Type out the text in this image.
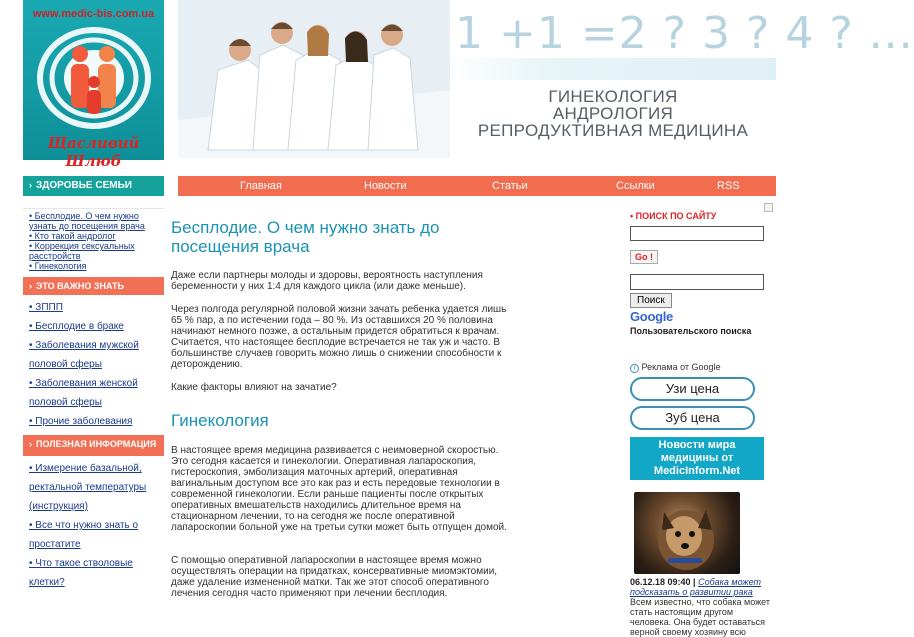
www.medic-bis.com.ua
Щасливий Шлюб
1 +1 =2 ? 3 ? 4 ? ...
ГИНЕКОЛОГИЯ
АНДРОЛОГИЯ
РЕПРОДУКТИВНАЯ МЕДИЦИНА
› ЗДОРОВЬЕ СЕМЬИ	Главная	Новости	Статьи	Ссылки	RSS
• Бесплодие. О чем нужно узнать до посещения врача
• Кто такой андролог
• Коррекция сексуальных расстройств
• Гинекология
› ЭТО ВАЖНО ЗНАТЬ
• ЗППП
• Бесплодие в браке
• Заболевания мужской половой сферы
• Заболевания женской половой сферы
• Прочие заболевания
› ПОЛЕЗНАЯ ИНФОРМАЦИЯ
• Измерение базальной, ректальной температуры (инструкция)
• Все что нужно знать о простатите
• Что такое стволовые клетки?
Бесплодие. О чем нужно знать до посещения врача

Даже если партнеры молоды и здоровы, вероятность наступления беременности у них 1:4 для каждого цикла (или даже меньше).

Через полгода регулярной половой жизни зачать ребенка удается лишь 65 % пар, а по истечении года – 80 %. Из оставшихся 20 % половина начинают немного позже, а остальным придется обратиться к врачам. Считается, что настоящее бесплодие встречается не так уж и часто. В большинстве случаев говорить можно лишь о снижении способности к деторождению.

Какие факторы влияют на зачатие?

Гинекология

В настоящее время медицина развивается с неимоверной скоростью. Это сегодня касается и гинекологии. Оперативная лапароскопия, гистероскопия, эмболизация маточных артерий, оперативная вагинальным доступом все это как раз и есть передовые технологии в современной гинекологии. Если раньше пациенты после открытых оперативных вмешательств находились длительное время на стационарном лечении, то на сегодня же после оперативной лапароскопии больной уже на третьи сутки может быть отпущен домой.

С помощью оперативной лапароскопии в настоящее время можно осуществлять операции на придатках, консервативные миомэктомии, даже удаление измененной матки. Так же этот способ оперативного лечения сегодня часто применяют при лечении бесплодия.

• ПОИСК ПО САЙТУ
Go !
Поиск
Google
Пользовательского поиска
i Реклама от Google
Узи цена
Зуб цена
Новости мира медицины от MedicInform.Net
06.12.18 09:40 | Собака может подсказать о развитии рака
Всем известно, что собака может стать настоящим другом человека. Она будет оставаться верной своему хозяину всю
